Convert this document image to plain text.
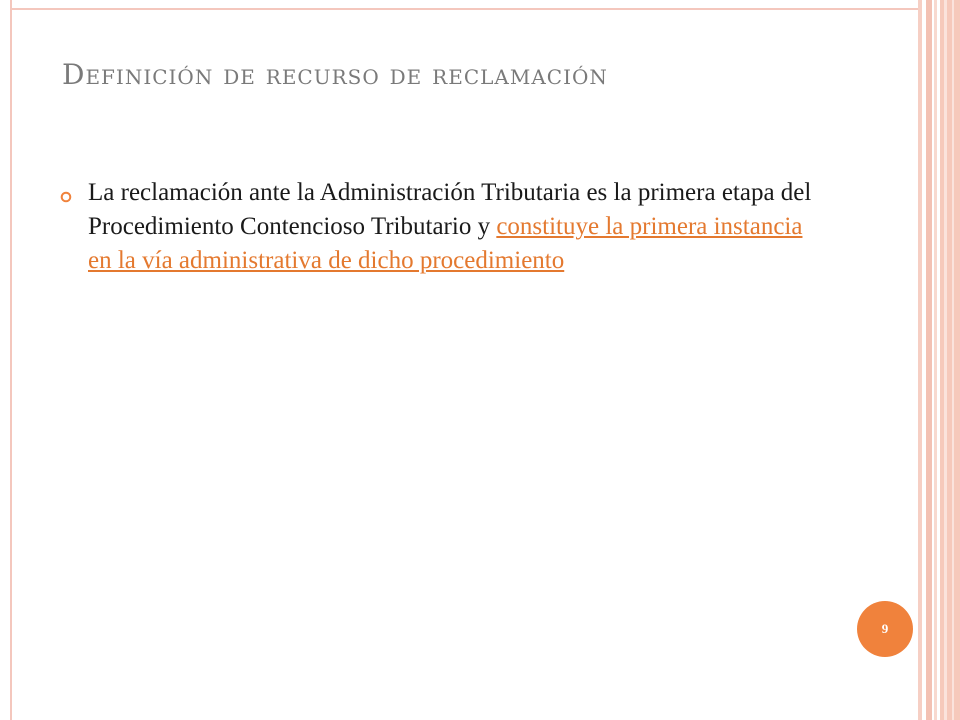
Definición de recurso de reclamación

La reclamación ante la Administración Tributaria es la primera etapa del Procedimiento Contencioso Tributario y constituye la primera instancia en la vía administrativa de dicho procedimiento

9
